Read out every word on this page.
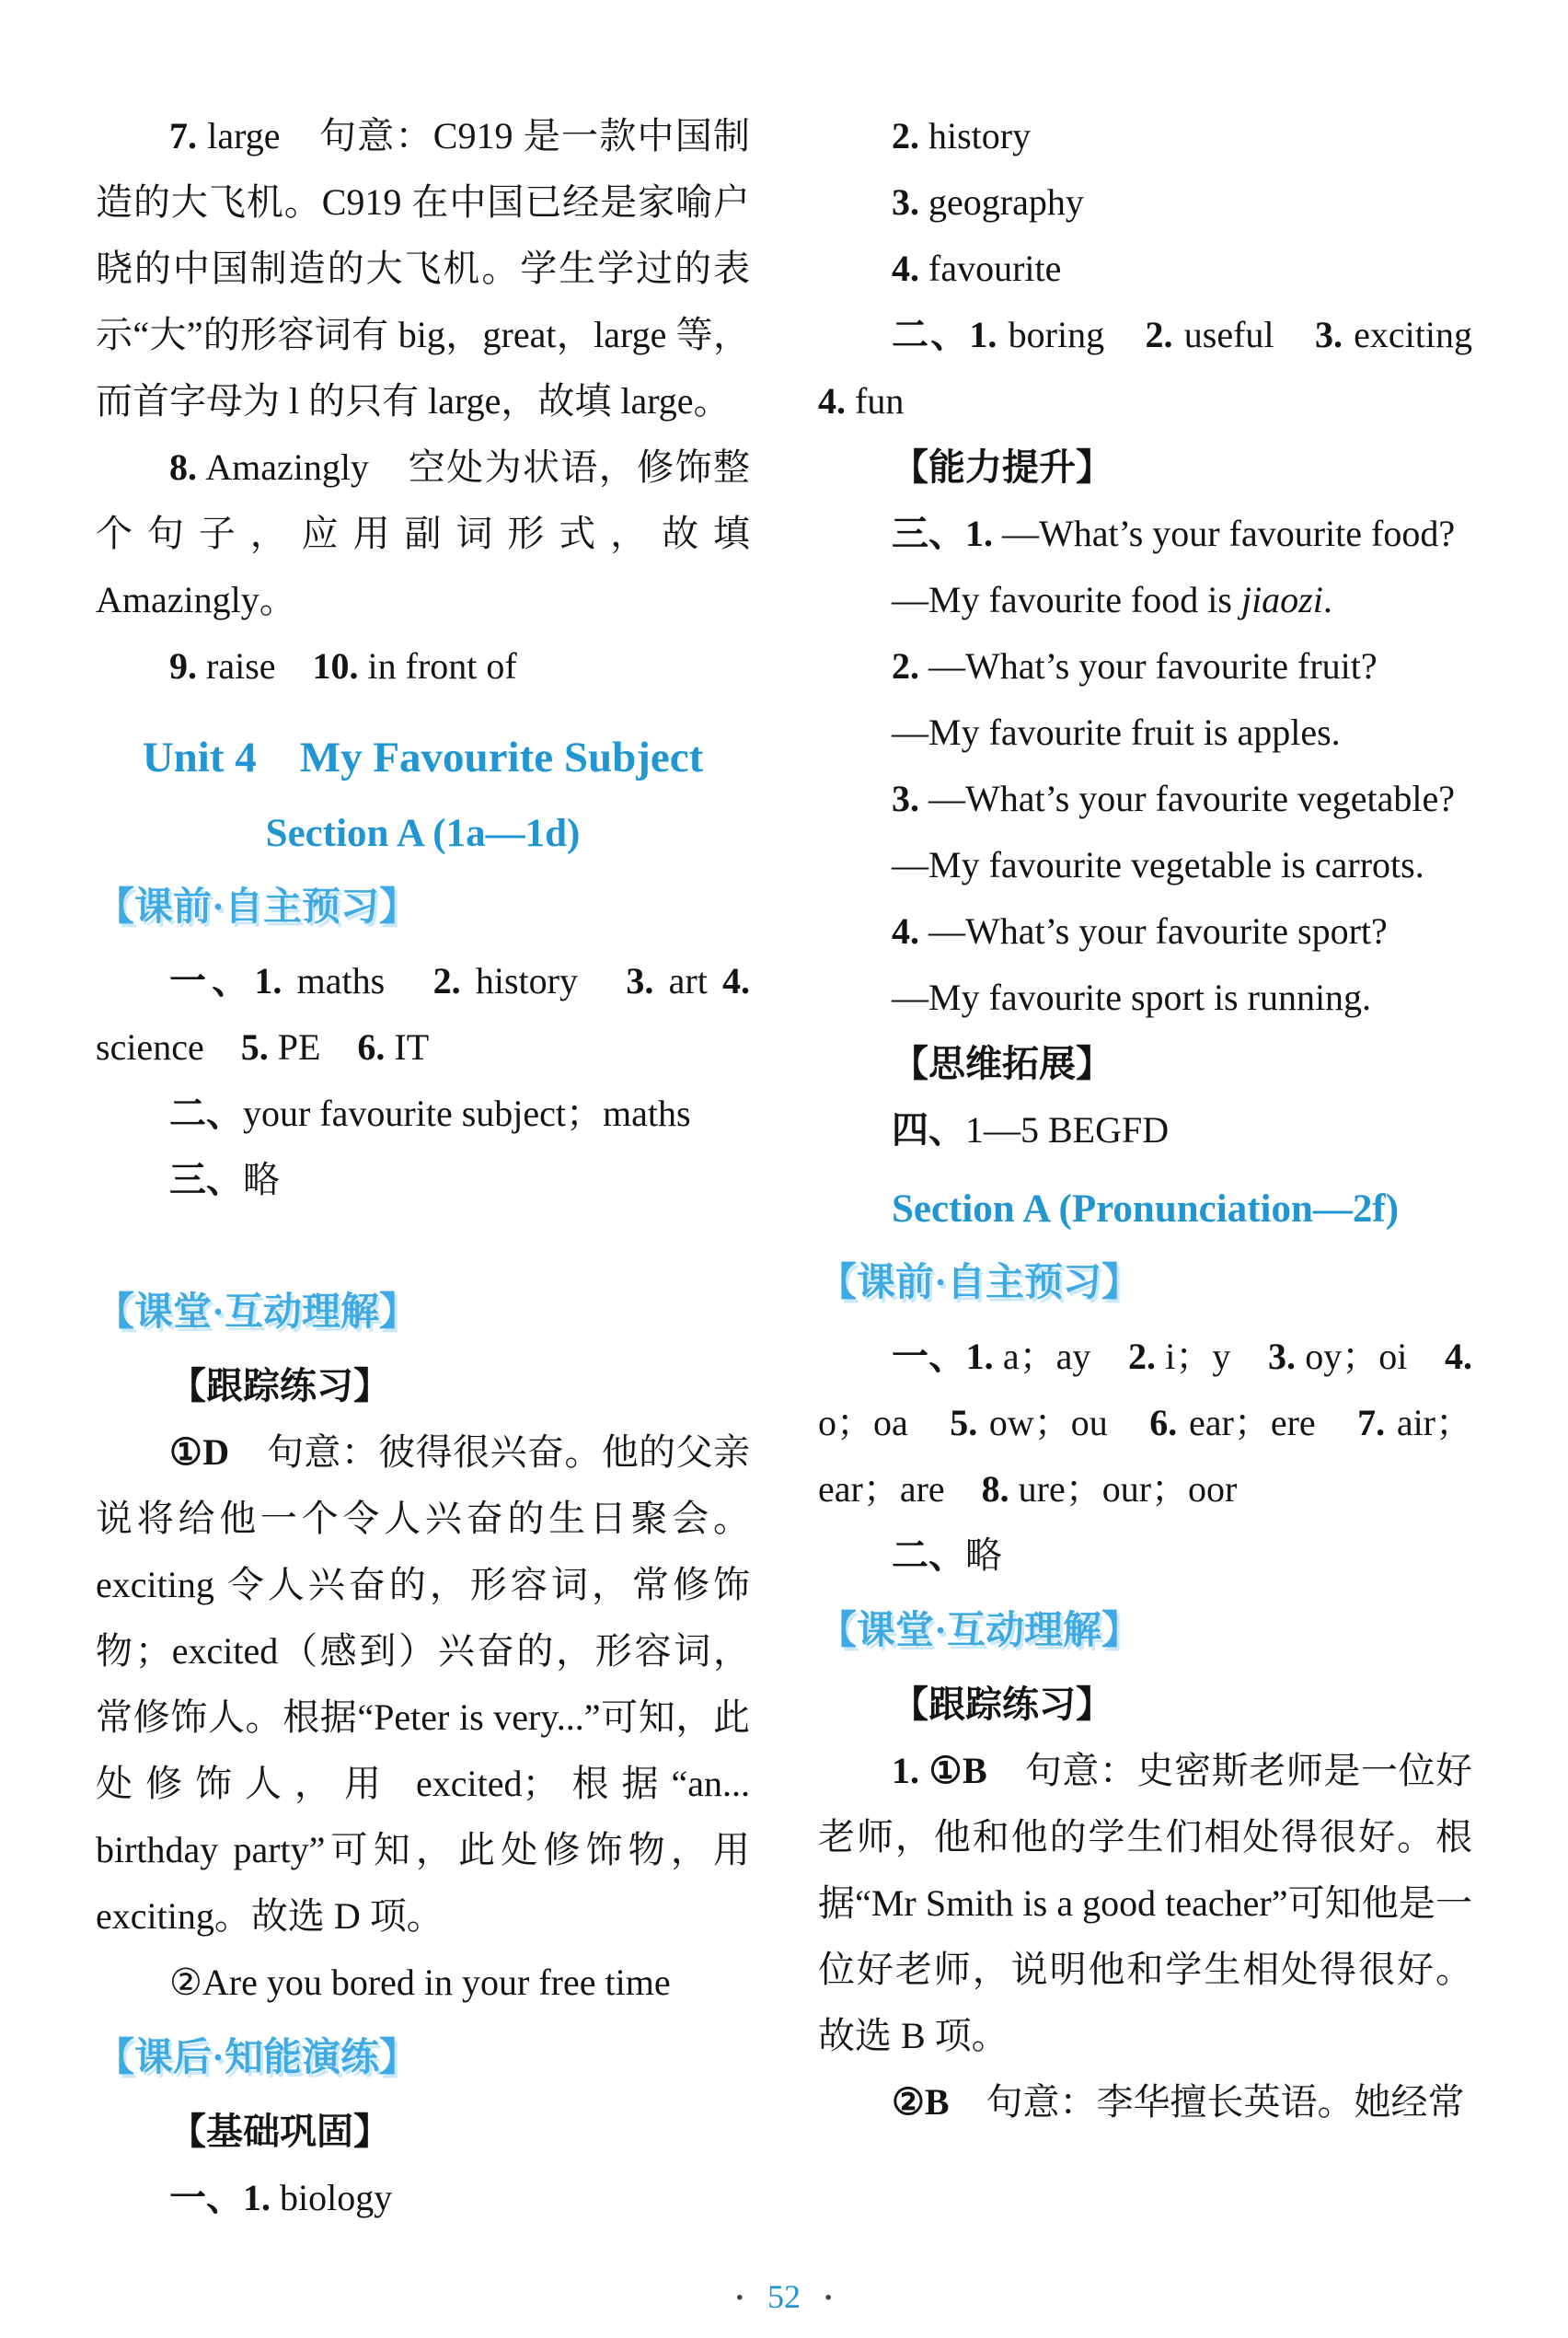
7. large　句意：C919 是一款中国制造的大飞机。C919 在中国已经是家喻户晓的中国制造的大飞机。学生学过的表示“大”的形容词有 big，great，large 等，而首字母为 l 的只有 large，故填 large。
8. Amazingly　空处为状语，修饰整个句子，应用副词形式，故填 Amazingly。
9. raise　10. in front of
Unit 4　My Favourite Subject
Section A (1a—1d)
【课前·自主预习】
一、1. maths　2. history　3. art 4. science　5. PE　6. IT
二、your favourite subject；maths
三、略
【课堂·互动理解】
【跟踪练习】
①D　句意：彼得很兴奋。他的父亲说将给他一个令人兴奋的生日聚会。exciting 令人兴奋的，形容词，常修饰物；excited（感到）兴奋的，形容词，常修饰人。根据“Peter is very...”可知，此处修饰人，用 excited；根据“an... birthday party”可知，此处修饰物，用 exciting。故选 D 项。
②Are you bored in your free time
【课后·知能演练】
【基础巩固】
一、1. biology
2. history
3. geography
4. favourite
二、1. boring　2. useful　3. exciting 4. fun
【能力提升】
三、1. —What’s your favourite food?
—My favourite food is jiaozi.
2. —What’s your favourite fruit?
—My favourite fruit is apples.
3. —What’s your favourite vegetable?
—My favourite vegetable is carrots.
4. —What’s your favourite sport?
—My favourite sport is running.
【思维拓展】
四、1—5 BEGFD
Section A (Pronunciation—2f)
【课前·自主预习】
一、1. a；ay　2. i；y　3. oy；oi　4. o；oa　5. ow；ou　6. ear；ere　7. air；ear；are　8. ure；our；oor
二、略
【课堂·互动理解】
【跟踪练习】
1. ①B　句意：史密斯老师是一位好老师，他和他的学生们相处得很好。根据“Mr Smith is a good teacher”可知他是一位好老师，说明他和学生相处得很好。故选 B 项。
②B　句意：李华擅长英语。她经常
· 52 ·
